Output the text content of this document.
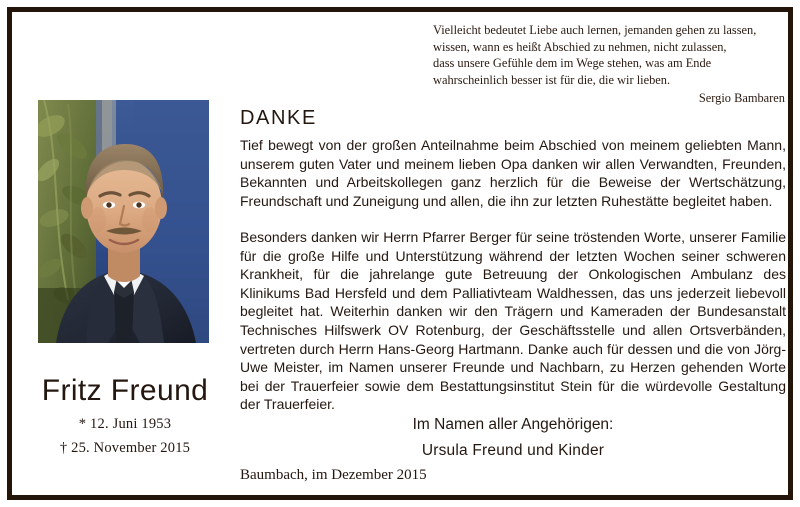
Fritz Freund
* 12. Juni 1953
† 25. November 2015
Vielleicht bedeutet Liebe auch lernen, jemanden gehen zu lassen,
wissen, wann es heißt Abschied zu nehmen, nicht zulassen,
dass unsere Gefühle dem im Wege stehen, was am Ende
wahrscheinlich besser ist für die, die wir lieben.
Sergio Bambaren
DANKE
Tief bewegt von der großen Anteilnahme beim Abschied von meinem geliebten Mann, unserem guten Vater und meinem lieben Opa danken wir allen Verwandten, Freunden, Bekannten und Arbeitskollegen ganz herzlich für die Beweise der Wertschätzung, Freundschaft und Zuneigung und allen, die ihn zur letzten Ruhestätte begleitet haben.
Besonders danken wir Herrn Pfarrer Berger für seine tröstenden Worte, unserer Familie für die große Hilfe und Unterstützung während der letzten Wochen seiner schweren Krankheit, für die jahrelange gute Betreuung der Onkologischen Ambulanz des Klinikums Bad Hersfeld und dem Palliativteam Waldhessen, das uns jederzeit liebevoll begleitet hat. Weiterhin danken wir den Trägern und Kameraden der Bundesanstalt Technisches Hilfswerk OV Rotenburg, der Geschäftsstelle und allen Ortsverbänden, vertreten durch Herrn Hans-Georg Hartmann. Danke auch für dessen und die von Jörg-Uwe Meister, im Namen unserer Freunde und Nachbarn, zu Herzen gehenden Worte bei der Trauerfeier sowie dem Bestattungsinstitut Stein für die würdevolle Gestaltung der Trauerfeier.
Im Namen aller Angehörigen:
Ursula Freund und Kinder
Baumbach, im Dezember 2015
